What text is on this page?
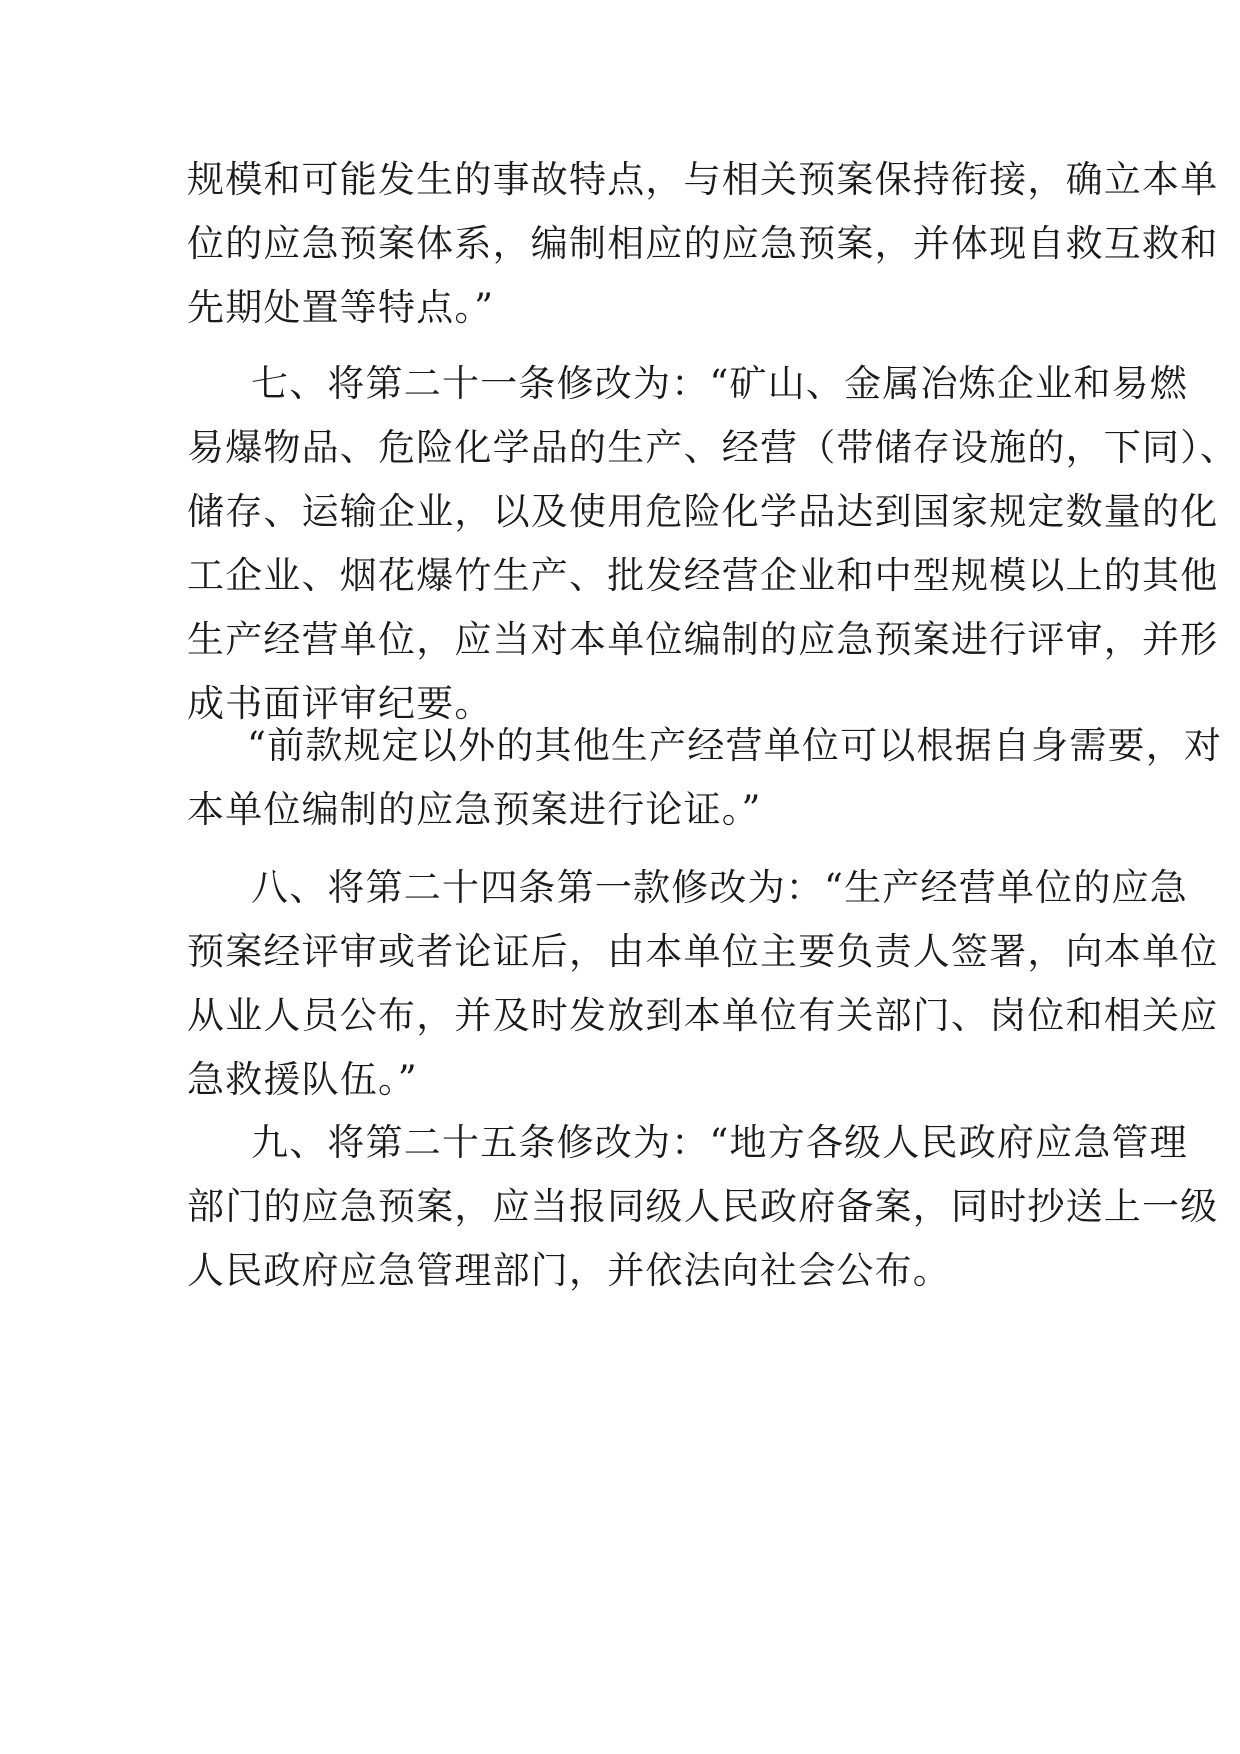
规模和可能发生的事故特点，与相关预案保持衔接，确立本单
位的应急预案体系，编制相应的应急预案，并体现自救互救和
先期处置等特点。”
七、将第二十一条修改为：“矿山、金属冶炼企业和易燃
易爆物品、危险化学品的生产、经营（带储存设施的，下同）、
储存、运输企业，以及使用危险化学品达到国家规定数量的化
工企业、烟花爆竹生产、批发经营企业和中型规模以上的其他
生产经营单位，应当对本单位编制的应急预案进行评审，并形
成书面评审纪要。
“前款规定以外的其他生产经营单位可以根据自身需要，对
本单位编制的应急预案进行论证。”
八、将第二十四条第一款修改为：“生产经营单位的应急
预案经评审或者论证后，由本单位主要负责人签署，向本单位
从业人员公布，并及时发放到本单位有关部门、岗位和相关应
急救援队伍。”
九、将第二十五条修改为：“地方各级人民政府应急管理
部门的应急预案，应当报同级人民政府备案，同时抄送上一级
人民政府应急管理部门，并依法向社会公布。
